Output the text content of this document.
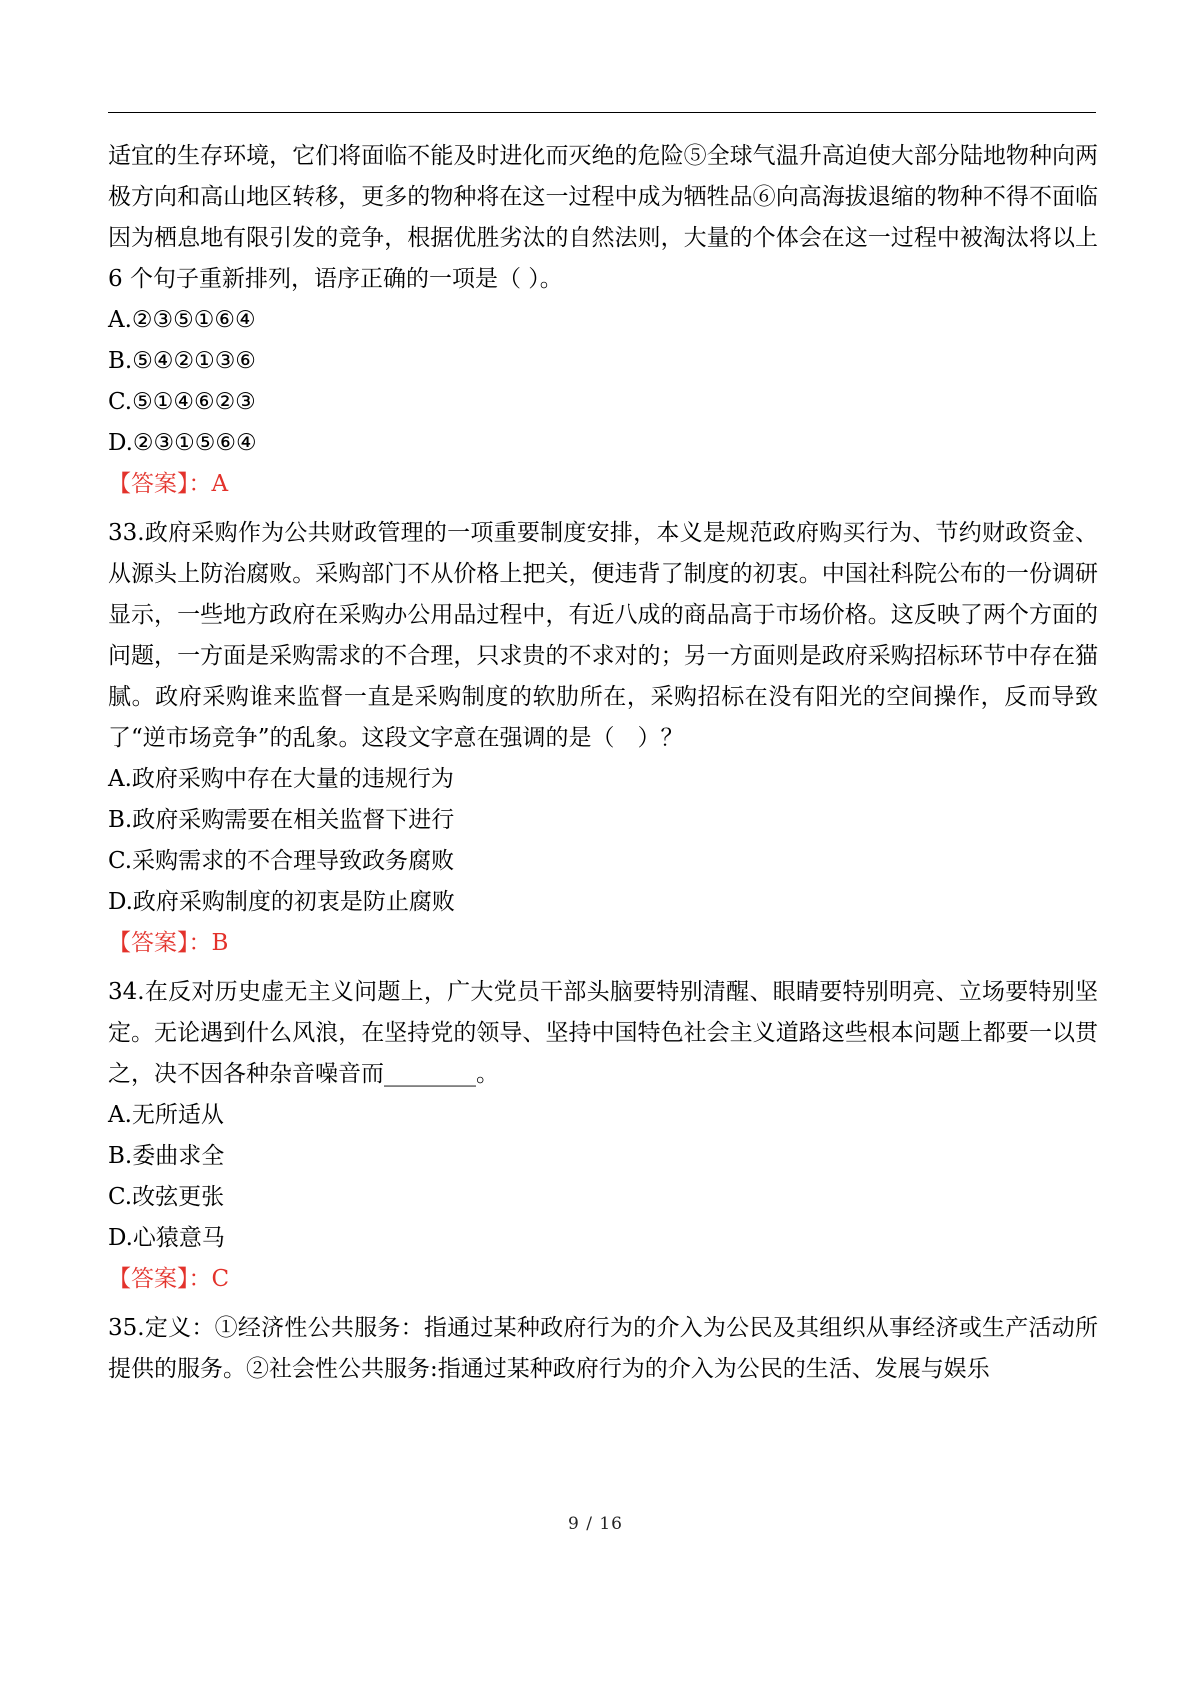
适宜的生存环境，它们将面临不能及时进化而灭绝的危险⑤全球气温升高迫使大部分陆地物种向两极方向和高山地区转移，更多的物种将在这一过程中成为牺牲品⑥向高海拔退缩的物种不得不面临因为栖息地有限引发的竞争，根据优胜劣汰的自然法则，大量的个体会在这一过程中被淘汰将以上 6 个句子重新排列，语序正确的一项是（ ）。

A.②③⑤①⑥④

B.⑤④②①③⑥

C.⑤①④⑥②③

D.②③①⑤⑥④

【答案】：A

33.政府采购作为公共财政管理的一项重要制度安排，本义是规范政府购买行为、节约财政资金、从源头上防治腐败。采购部门不从价格上把关，便违背了制度的初衷。中国社科院公布的一份调研显示，一些地方政府在采购办公用品过程中，有近八成的商品高于市场价格。这反映了两个方面的问题，一方面是采购需求的不合理，只求贵的不求对的；另一方面则是政府采购招标环节中存在猫腻。政府采购谁来监督一直是采购制度的软肋所在，采购招标在没有阳光的空间操作，反而导致了“逆市场竞争”的乱象。这段文字意在强调的是（　）？

A.政府采购中存在大量的违规行为

B.政府采购需要在相关监督下进行

C.采购需求的不合理导致政务腐败

D.政府采购制度的初衷是防止腐败

【答案】：B

34.在反对历史虚无主义问题上，广大党员干部头脑要特别清醒、眼睛要特别明亮、立场要特别坚定。无论遇到什么风浪，在坚持党的领导、坚持中国特色社会主义道路这些根本问题上都要一以贯之，决不因各种杂音噪音而________。

A.无所适从

B.委曲求全

C.改弦更张

D.心猿意马

【答案】：C

35.定义：①经济性公共服务：指通过某种政府行为的介入为公民及其组织从事经济或生产活动所提供的服务。②社会性公共服务:指通过某种政府行为的介入为公民的生活、发展与娱乐

9 / 16
